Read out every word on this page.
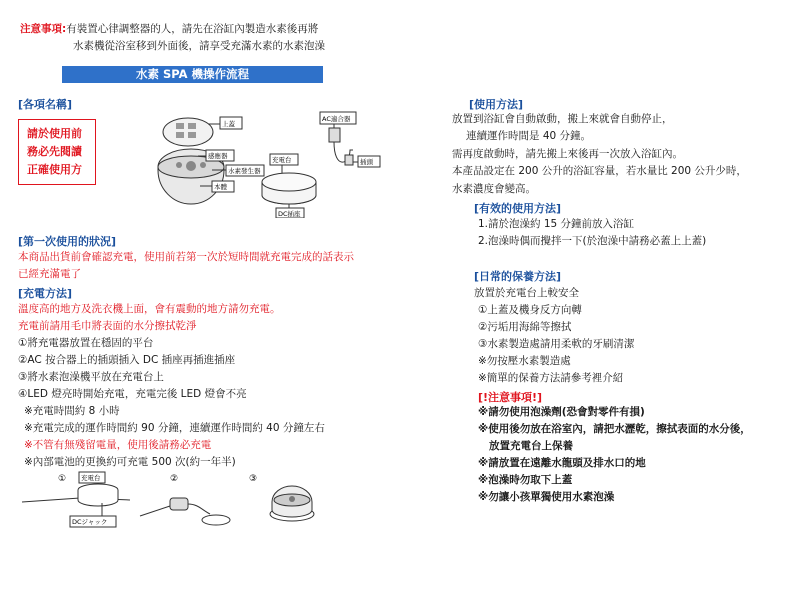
注意事項:有裝置心律調整器的人，請先在浴缸內製造水素後再將
水素機從浴室移到外面後，請享受充滿水素的水素泡澡
水素 SPA 機操作流程
[各項名稱]
請於使用前
務必先閱讀
正確使用方
上蓋
感應器
水素發生器
本體
充電台
DC插座
AC適合器
插頭
[第一次使用的狀況]
本商品出貨前會確認充電，使用前若第一次於短時間就充電完成的話表示
已經充滿電了
[充電方法]
溫度高的地方及洗衣機上面，會有震動的地方請勿充電。
充電前請用毛巾將表面的水分擦拭乾淨
①將充電器放置在穩固的平台
②AC 按合器上的插頭插入 DC 插座再插進插座
③將水素泡澡機平放在充電台上
④LED 燈亮時開始充電，充電完後 LED 燈會不亮
※充電時間約 8 小時
※充電完成的運作時間約 90 分鐘，連續運作時間約 40 分鐘左右
※不管有無殘留電量，使用後請務必充電
※內部電池的更換約可充電 500 次(約一年半)
①	②	③
充電台
DCジャック
[使用方法]
放置到浴缸會自動啟動，搬上來就會自動停止，
連續運作時間是 40 分鐘。
需再度啟動時，請先搬上來後再一次放入浴缸內。
本產品設定在 200 公升的浴缸容量，若水量比 200 公升少時，
水素濃度會變高。
[有效的使用方法]
1.請於泡澡約 15 分鐘前放入浴缸
2.泡澡時偶而攪拌一下(於泡澡中請務必蓋上上蓋)
[日常的保養方法]
放置於充電台上較安全
①上蓋及機身反方向轉
②污垢用海綿等擦拭
③水素製造處請用柔軟的牙刷清潔
※勿按壓水素製造處
※簡單的保養方法請參考裡介紹
[!注意事項!]
※請勿使用泡澡劑(恐會對零件有損)
※使用後勿放在浴室內，請把水瀝乾，擦拭表面的水分後，
放置充電台上保養
※請放置在遠離水龍頭及排水口的地
※泡澡時勿取下上蓋
※勿讓小孩單獨使用水素泡澡
